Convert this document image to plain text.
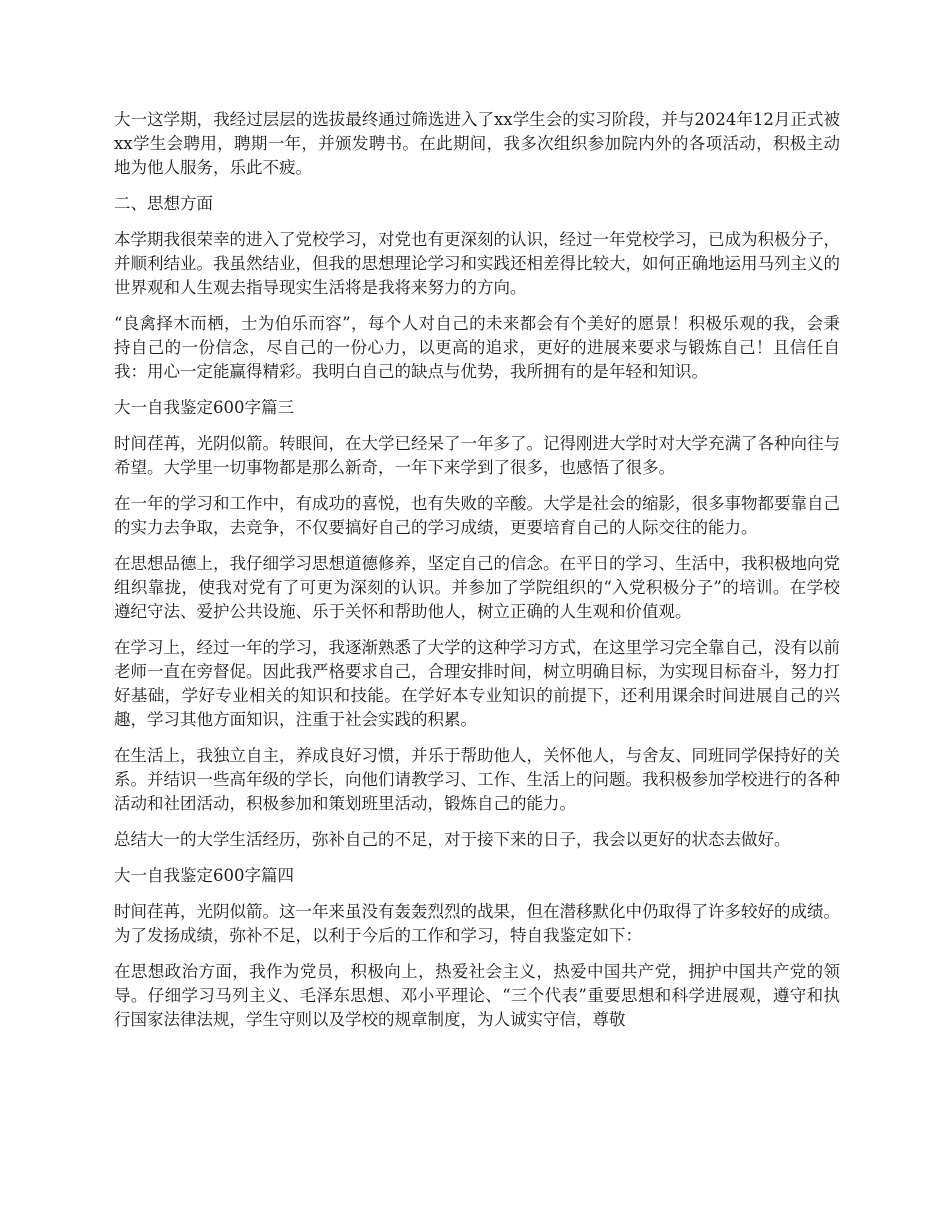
大一这学期，我经过层层的选拔最终通过筛选进入了xx学生会的实习阶段，并与2024年12月正式被xx学生会聘用，聘期一年，并颁发聘书。在此期间，我多次组织参加院内外的各项活动，积极主动地为他人服务，乐此不疲。

二、思想方面

本学期我很荣幸的进入了党校学习，对党也有更深刻的认识，经过一年党校学习，已成为积极分子，并顺利结业。我虽然结业，但我的思想理论学习和实践还相差得比较大，如何正确地运用马列主义的世界观和人生观去指导现实生活将是我将来努力的方向。

“良禽择木而栖，士为伯乐而容”，每个人对自己的未来都会有个美好的愿景！积极乐观的我，会秉持自己的一份信念，尽自己的一份心力，以更高的追求，更好的进展来要求与锻炼自己！且信任自我：用心一定能赢得精彩。我明白自己的缺点与优势，我所拥有的是年轻和知识。

大一自我鉴定600字篇三

时间荏苒，光阴似箭。转眼间，在大学已经呆了一年多了。记得刚进大学时对大学充满了各种向往与希望。大学里一切事物都是那么新奇，一年下来学到了很多，也感悟了很多。

在一年的学习和工作中，有成功的喜悦，也有失败的辛酸。大学是社会的缩影，很多事物都要靠自己的实力去争取，去竞争，不仅要搞好自己的学习成绩，更要培育自己的人际交往的能力。

在思想品德上，我仔细学习思想道德修养，坚定自己的信念。在平日的学习、生活中，我积极地向党组织靠拢，使我对党有了可更为深刻的认识。并参加了学院组织的“入党积极分子”的培训。在学校遵纪守法、爱护公共设施、乐于关怀和帮助他人，树立正确的人生观和价值观。

在学习上，经过一年的学习，我逐渐熟悉了大学的这种学习方式，在这里学习完全靠自己，没有以前老师一直在旁督促。因此我严格要求自己，合理安排时间，树立明确目标，为实现目标奋斗，努力打好基础，学好专业相关的知识和技能。在学好本专业知识的前提下，还利用课余时间进展自己的兴趣，学习其他方面知识，注重于社会实践的积累。

在生活上，我独立自主，养成良好习惯，并乐于帮助他人，关怀他人，与舍友、同班同学保持好的关系。并结识一些高年级的学长，向他们请教学习、工作、生活上的问题。我积极参加学校进行的各种活动和社团活动，积极参加和策划班里活动，锻炼自己的能力。

总结大一的大学生活经历，弥补自己的不足，对于接下来的日子，我会以更好的状态去做好。

大一自我鉴定600字篇四

时间荏苒，光阴似箭。这一年来虽没有轰轰烈烈的战果，但在潜移默化中仍取得了许多较好的成绩。为了发扬成绩，弥补不足，以利于今后的工作和学习，特自我鉴定如下：

在思想政治方面，我作为党员，积极向上，热爱社会主义，热爱中国共产党，拥护中国共产党的领导。仔细学习马列主义、毛泽东思想、邓小平理论、“三个代表”重要思想和科学进展观，遵守和执行国家法律法规，学生守则以及学校的规章制度，为人诚实守信，尊敬
